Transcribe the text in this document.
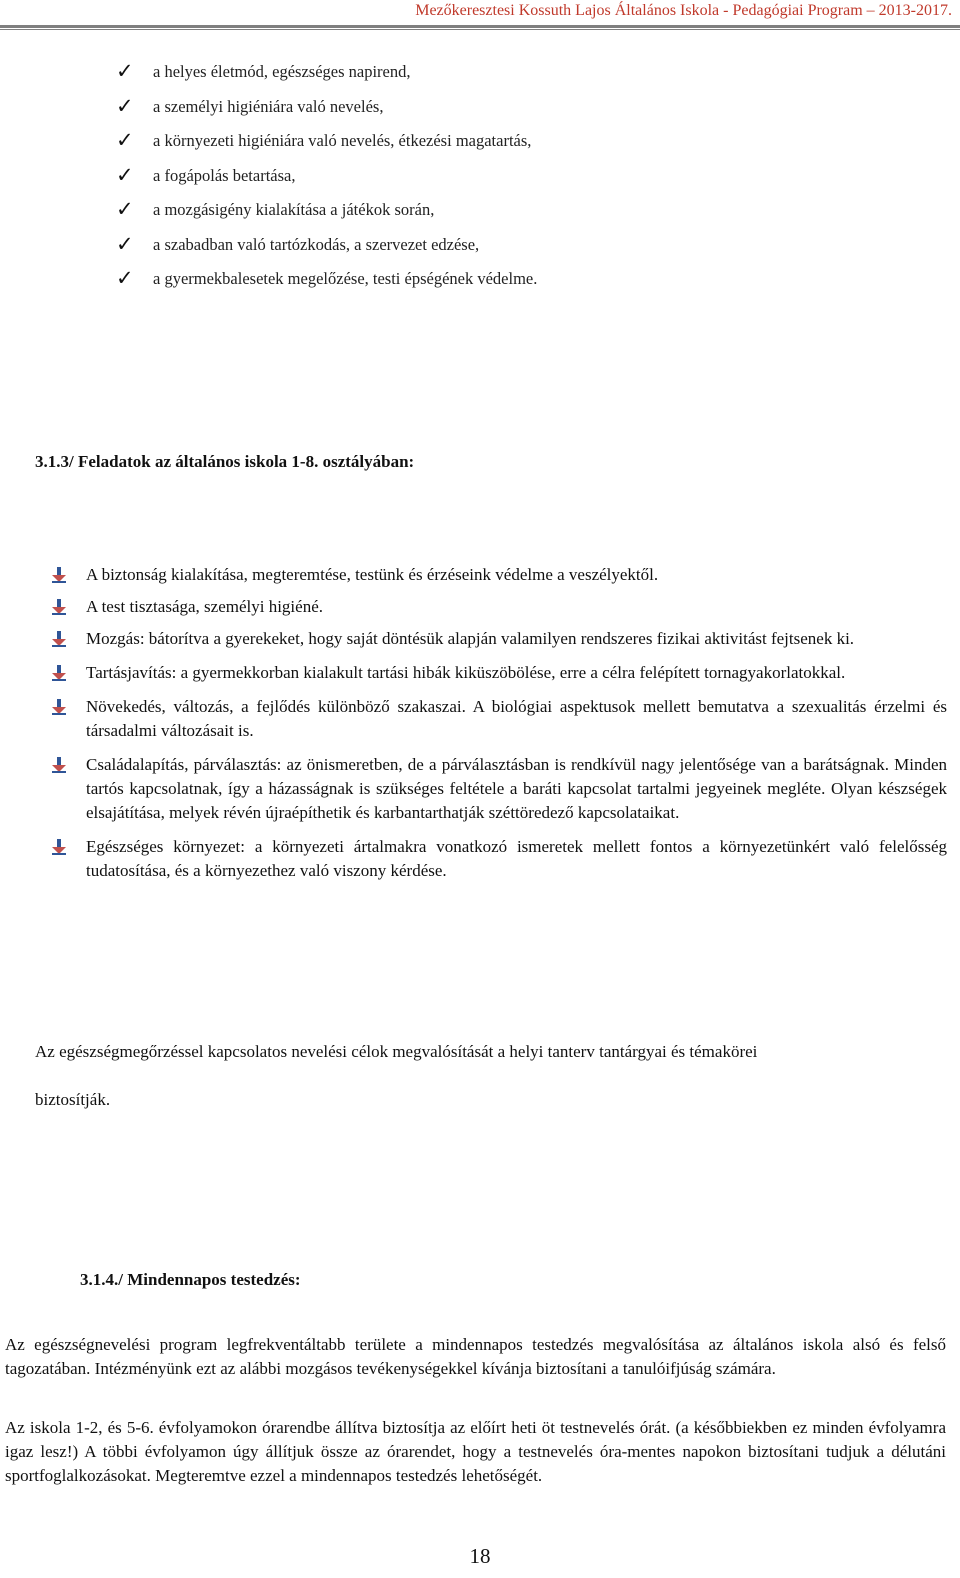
Mezőkeresztesi Kossuth Lajos Általános Iskola - Pedagógiai Program – 2013-2017.
✓ a helyes életmód, egészséges napirend,
✓ a személyi higiéniára való nevelés,
✓ a környezeti higiéniára való nevelés, étkezési magatartás,
✓ a fogápolás betartása,
✓ a mozgásigény kialakítása a játékok során,
✓ a szabadban való tartózkodás, a szervezet edzése,
✓ a gyermekbalesetek megelőzése, testi épségének védelme.
3.1.3/ Feladatok az általános iskola 1-8. osztályában:
A biztonság kialakítása, megteremtése, testünk és érzéseink védelme a veszélyektől.
A test tisztasága, személyi higiéné.
Mozgás: bátorítva a gyerekeket, hogy saját döntésük alapján valamilyen rendszeres fizikai aktivitást fejtsenek ki.
Tartásjavítás: a gyermekkorban kialakult tartási hibák kiküszöbölése, erre a célra felépített tornagyakorlatokkal.
Növekedés, változás, a fejlődés különböző szakaszai. A biológiai aspektusok mellett bemutatva a szexualitás érzelmi és társadalmi változásait is.
Családalapítás, párválasztás: az önismeretben, de a párválasztásban is rendkívül nagy jelentősége van a barátságnak. Minden tartós kapcsolatnak, így a házasságnak is szükséges feltétele a baráti kapcsolat tartalmi jegyeinek megléte. Olyan készségek elsajátítása, melyek révén újraépíthetik és karbantarthatják széttöredező kapcsolataikat.
Egészséges környezet: a környezeti ártalmakra vonatkozó ismeretek mellett fontos a környezetünkért való felelősség tudatosítása, és a környezethez való viszony kérdése.
Az egészségmegőrzéssel kapcsolatos nevelési célok megvalósítását a helyi tanterv tantárgyai és témakörei
biztosítják.
3.1.4./ Mindennapos testedzés:
Az egészségnevelési program legfrekventáltabb területe a mindennapos testedzés megvalósítása az általános iskola alsó és felső tagozatában. Intézményünk ezt az alábbi mozgásos tevékenységekkel kívánja biztosítani a tanulóifjúság számára.
Az iskola 1-2, és 5-6. évfolyamokon órarendbe állítva biztosítja az előírt heti öt testnevelés órát. (a későbbiekben ez minden évfolyamra igaz lesz!) A többi évfolyamon úgy állítjuk össze az órarendet, hogy a testnevelés óra-mentes napokon biztosítani tudjuk a délutáni sportfoglalkozásokat. Megteremtve ezzel a mindennapos testedzés lehetőségét.
18
